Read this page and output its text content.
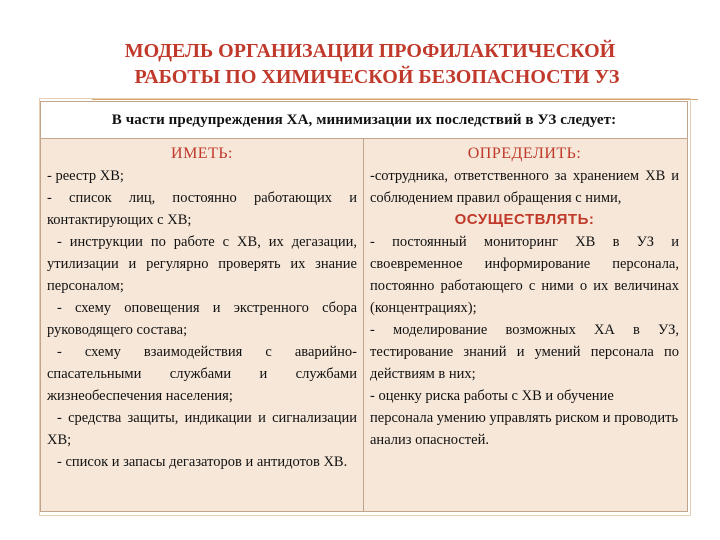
МОДЕЛЬ ОРГАНИЗАЦИИ ПРОФИЛАКТИЧЕСКОЙ
РАБОТЫ ПО ХИМИЧЕСКОЙ БЕЗОПАСНОСТИ УЗ
В части предупреждения ХА, минимизации их последствий в УЗ следует:
ИМЕТЬ:

- реестр ХВ;

- список лиц, постоянно работающих и контактирующих с ХВ;

- инструкции по работе с ХВ, их дегазации, утилизации и регулярно проверять их знание персоналом;

- схему оповещения и экстренного сбора руководящего состава;

- схему взаимодействия с аварийно-спасательными службами и службами жизнеобеспечения населения;

- средства защиты, индикации и сигнализации ХВ;

- список и запасы дегазаторов и антидотов ХВ.

ОПРЕДЕЛИТЬ:

-сотрудника, ответственного за хранением ХВ и соблюдением правил обращения с ними,

ОСУЩЕСТВЛЯТЬ:

- постоянный мониторинг ХВ в УЗ и своевременное информирование персонала, постоянно работающего с ними о их величинах (концентрациях);

- моделирование возможных ХА в УЗ, тестирование знаний и умений персонала по действиям в них;

- оценку риска работы с ХВ и обучение персонала умению управлять риском и проводить анализ опасностей.
